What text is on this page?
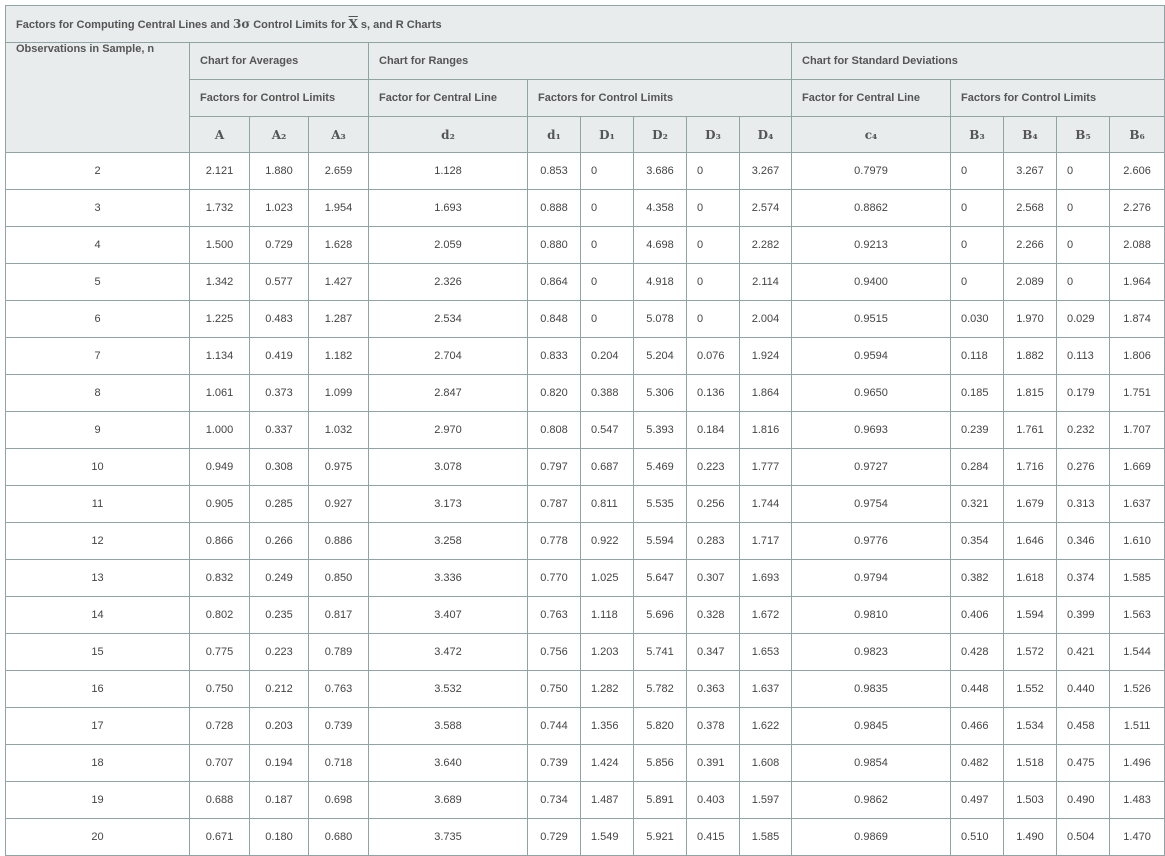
Factors for Computing Central Lines and 3σ Control Limits for $\overline{X}$ s, and R Charts														
Observations in Sample, n	Chart for Averages			Chart for Ranges						Chart for Standard Deviations				
	Factors for Control Limits			Factor for Central Line	Factors for Control Limits					Factor for Central Line	Factors for Control Limits			
	A	A₂	A₃	d₂	d₁	D₁	D₂	D₃	D₄	c₄	B₃	B₄	B₅	B₆
2	2.121	1.880	2.659	1.128	0.853	0	3.686	0	3.267	0.7979	0	3.267	0	2.606
3	1.732	1.023	1.954	1.693	0.888	0	4.358	0	2.574	0.8862	0	2.568	0	2.276
4	1.500	0.729	1.628	2.059	0.880	0	4.698	0	2.282	0.9213	0	2.266	0	2.088
5	1.342	0.577	1.427	2.326	0.864	0	4.918	0	2.114	0.9400	0	2.089	0	1.964
6	1.225	0.483	1.287	2.534	0.848	0	5.078	0	2.004	0.9515	0.030	1.970	0.029	1.874
7	1.134	0.419	1.182	2.704	0.833	0.204	5.204	0.076	1.924	0.9594	0.118	1.882	0.113	1.806
8	1.061	0.373	1.099	2.847	0.820	0.388	5.306	0.136	1.864	0.9650	0.185	1.815	0.179	1.751
9	1.000	0.337	1.032	2.970	0.808	0.547	5.393	0.184	1.816	0.9693	0.239	1.761	0.232	1.707
10	0.949	0.308	0.975	3.078	0.797	0.687	5.469	0.223	1.777	0.9727	0.284	1.716	0.276	1.669
11	0.905	0.285	0.927	3.173	0.787	0.811	5.535	0.256	1.744	0.9754	0.321	1.679	0.313	1.637
12	0.866	0.266	0.886	3.258	0.778	0.922	5.594	0.283	1.717	0.9776	0.354	1.646	0.346	1.610
13	0.832	0.249	0.850	3.336	0.770	1.025	5.647	0.307	1.693	0.9794	0.382	1.618	0.374	1.585
14	0.802	0.235	0.817	3.407	0.763	1.118	5.696	0.328	1.672	0.9810	0.406	1.594	0.399	1.563
15	0.775	0.223	0.789	3.472	0.756	1.203	5.741	0.347	1.653	0.9823	0.428	1.572	0.421	1.544
16	0.750	0.212	0.763	3.532	0.750	1.282	5.782	0.363	1.637	0.9835	0.448	1.552	0.440	1.526
17	0.728	0.203	0.739	3.588	0.744	1.356	5.820	0.378	1.622	0.9845	0.466	1.534	0.458	1.511
18	0.707	0.194	0.718	3.640	0.739	1.424	5.856	0.391	1.608	0.9854	0.482	1.518	0.475	1.496
19	0.688	0.187	0.698	3.689	0.734	1.487	5.891	0.403	1.597	0.9862	0.497	1.503	0.490	1.483
20	0.671	0.180	0.680	3.735	0.729	1.549	5.921	0.415	1.585	0.9869	0.510	1.490	0.504	1.470
